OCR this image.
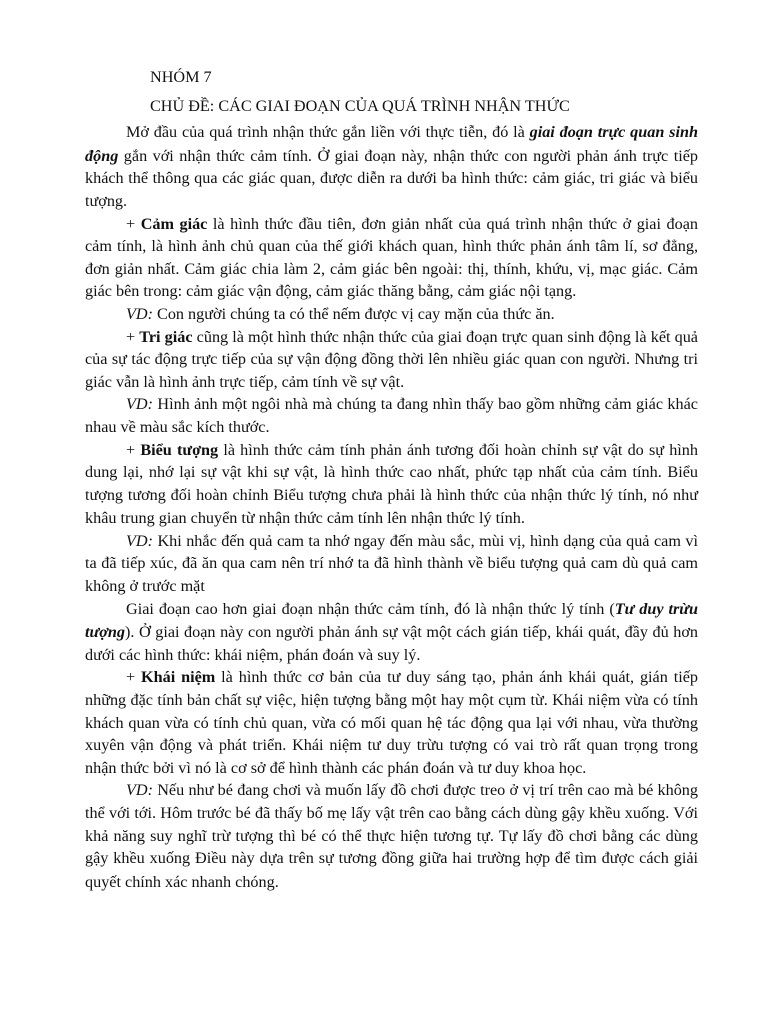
NHÓM 7

CHỦ ĐỀ: CÁC GIAI ĐOẠN CỦA QUÁ TRÌNH NHẬN THỨC

Mở đầu của quá trình nhận thức gắn liền với thực tiễn, đó là giai đoạn trực quan sinh động gắn với nhận thức cảm tính. Ở giai đoạn này, nhận thức con người phản ánh trực tiếp khách thể thông qua các giác quan, được diễn ra dưới ba hình thức: cảm giác, tri giác và biểu tượng.

+ Cảm giác là hình thức đầu tiên, đơn giản nhất của quá trình nhận thức ở giai đoạn cảm tính, là hình ảnh chủ quan của thế giới khách quan, hình thức phản ánh tâm lí, sơ đẳng, đơn giản nhất. Cảm giác chia làm 2, cảm giác bên ngoài: thị, thính, khứu, vị, mạc giác. Cảm giác bên trong: cảm giác vận động, cảm giác thăng bằng, cảm giác nội tạng.

VD: Con người chúng ta có thể nếm được vị cay mặn của thức ăn.

+ Tri giác cũng là một hình thức nhận thức của giai đoạn trực quan sinh động là kết quả của sự tác động trực tiếp của sự vận động đồng thời lên nhiều giác quan con người. Nhưng tri giác vẫn là hình ảnh trực tiếp, cảm tính về sự vật.

VD: Hình ảnh một ngôi nhà mà chúng ta đang nhìn thấy bao gồm những cảm giác khác nhau về màu sắc kích thước.

+ Biểu tượng là hình thức cảm tính phản ánh tương đối hoàn chỉnh sự vật do sự hình dung lại, nhớ lại sự vật khi sự vật, là hình thức cao nhất, phức tạp nhất của cảm tính. Biểu tượng tương đối hoàn chỉnh Biểu tượng chưa phải là hình thức của nhận thức lý tính, nó như khâu trung gian chuyển từ nhận thức cảm tính lên nhận thức lý tính.

VD: Khi nhắc đến quả cam ta nhớ ngay đến màu sắc, mùi vị, hình dạng của quả cam vì ta đã tiếp xúc, đã ăn qua cam nên trí nhớ ta đã hình thành về biểu tượng quả cam dù quả cam không ở trước mặt

Giai đoạn cao hơn giai đoạn nhận thức cảm tính, đó là nhận thức lý tính (Tư duy trừu tượng). Ở giai đoạn này con người phản ánh sự vật một cách gián tiếp, khái quát, đầy đủ hơn dưới các hình thức: khái niệm, phán đoán và suy lý.

+ Khái niệm là hình thức cơ bản của tư duy sáng tạo, phản ánh khái quát, gián tiếp những đặc tính bản chất sự việc, hiện tượng bằng một hay một cụm từ. Khái niệm vừa có tính khách quan vừa có tính chủ quan, vừa có mối quan hệ tác động qua lại với nhau, vừa thường xuyên vận động và phát triển. Khái niệm tư duy trừu tượng có vai trò rất quan trọng trong nhận thức bởi vì nó là cơ sở để hình thành các phán đoán và tư duy khoa học.

VD: Nếu như bé đang chơi và muốn lấy đồ chơi được treo ở vị trí trên cao mà bé không thể với tới. Hôm trước bé đã thấy bố mẹ lấy vật trên cao bằng cách dùng gậy khều xuống. Với khả năng suy nghĩ trừ tượng thì bé có thể thực hiện tương tự. Tự lấy đồ chơi bằng các dùng gậy khều xuống Điều này dựa trên sự tương đồng giữa hai trường hợp để tìm được cách giải quyết chính xác nhanh chóng.
